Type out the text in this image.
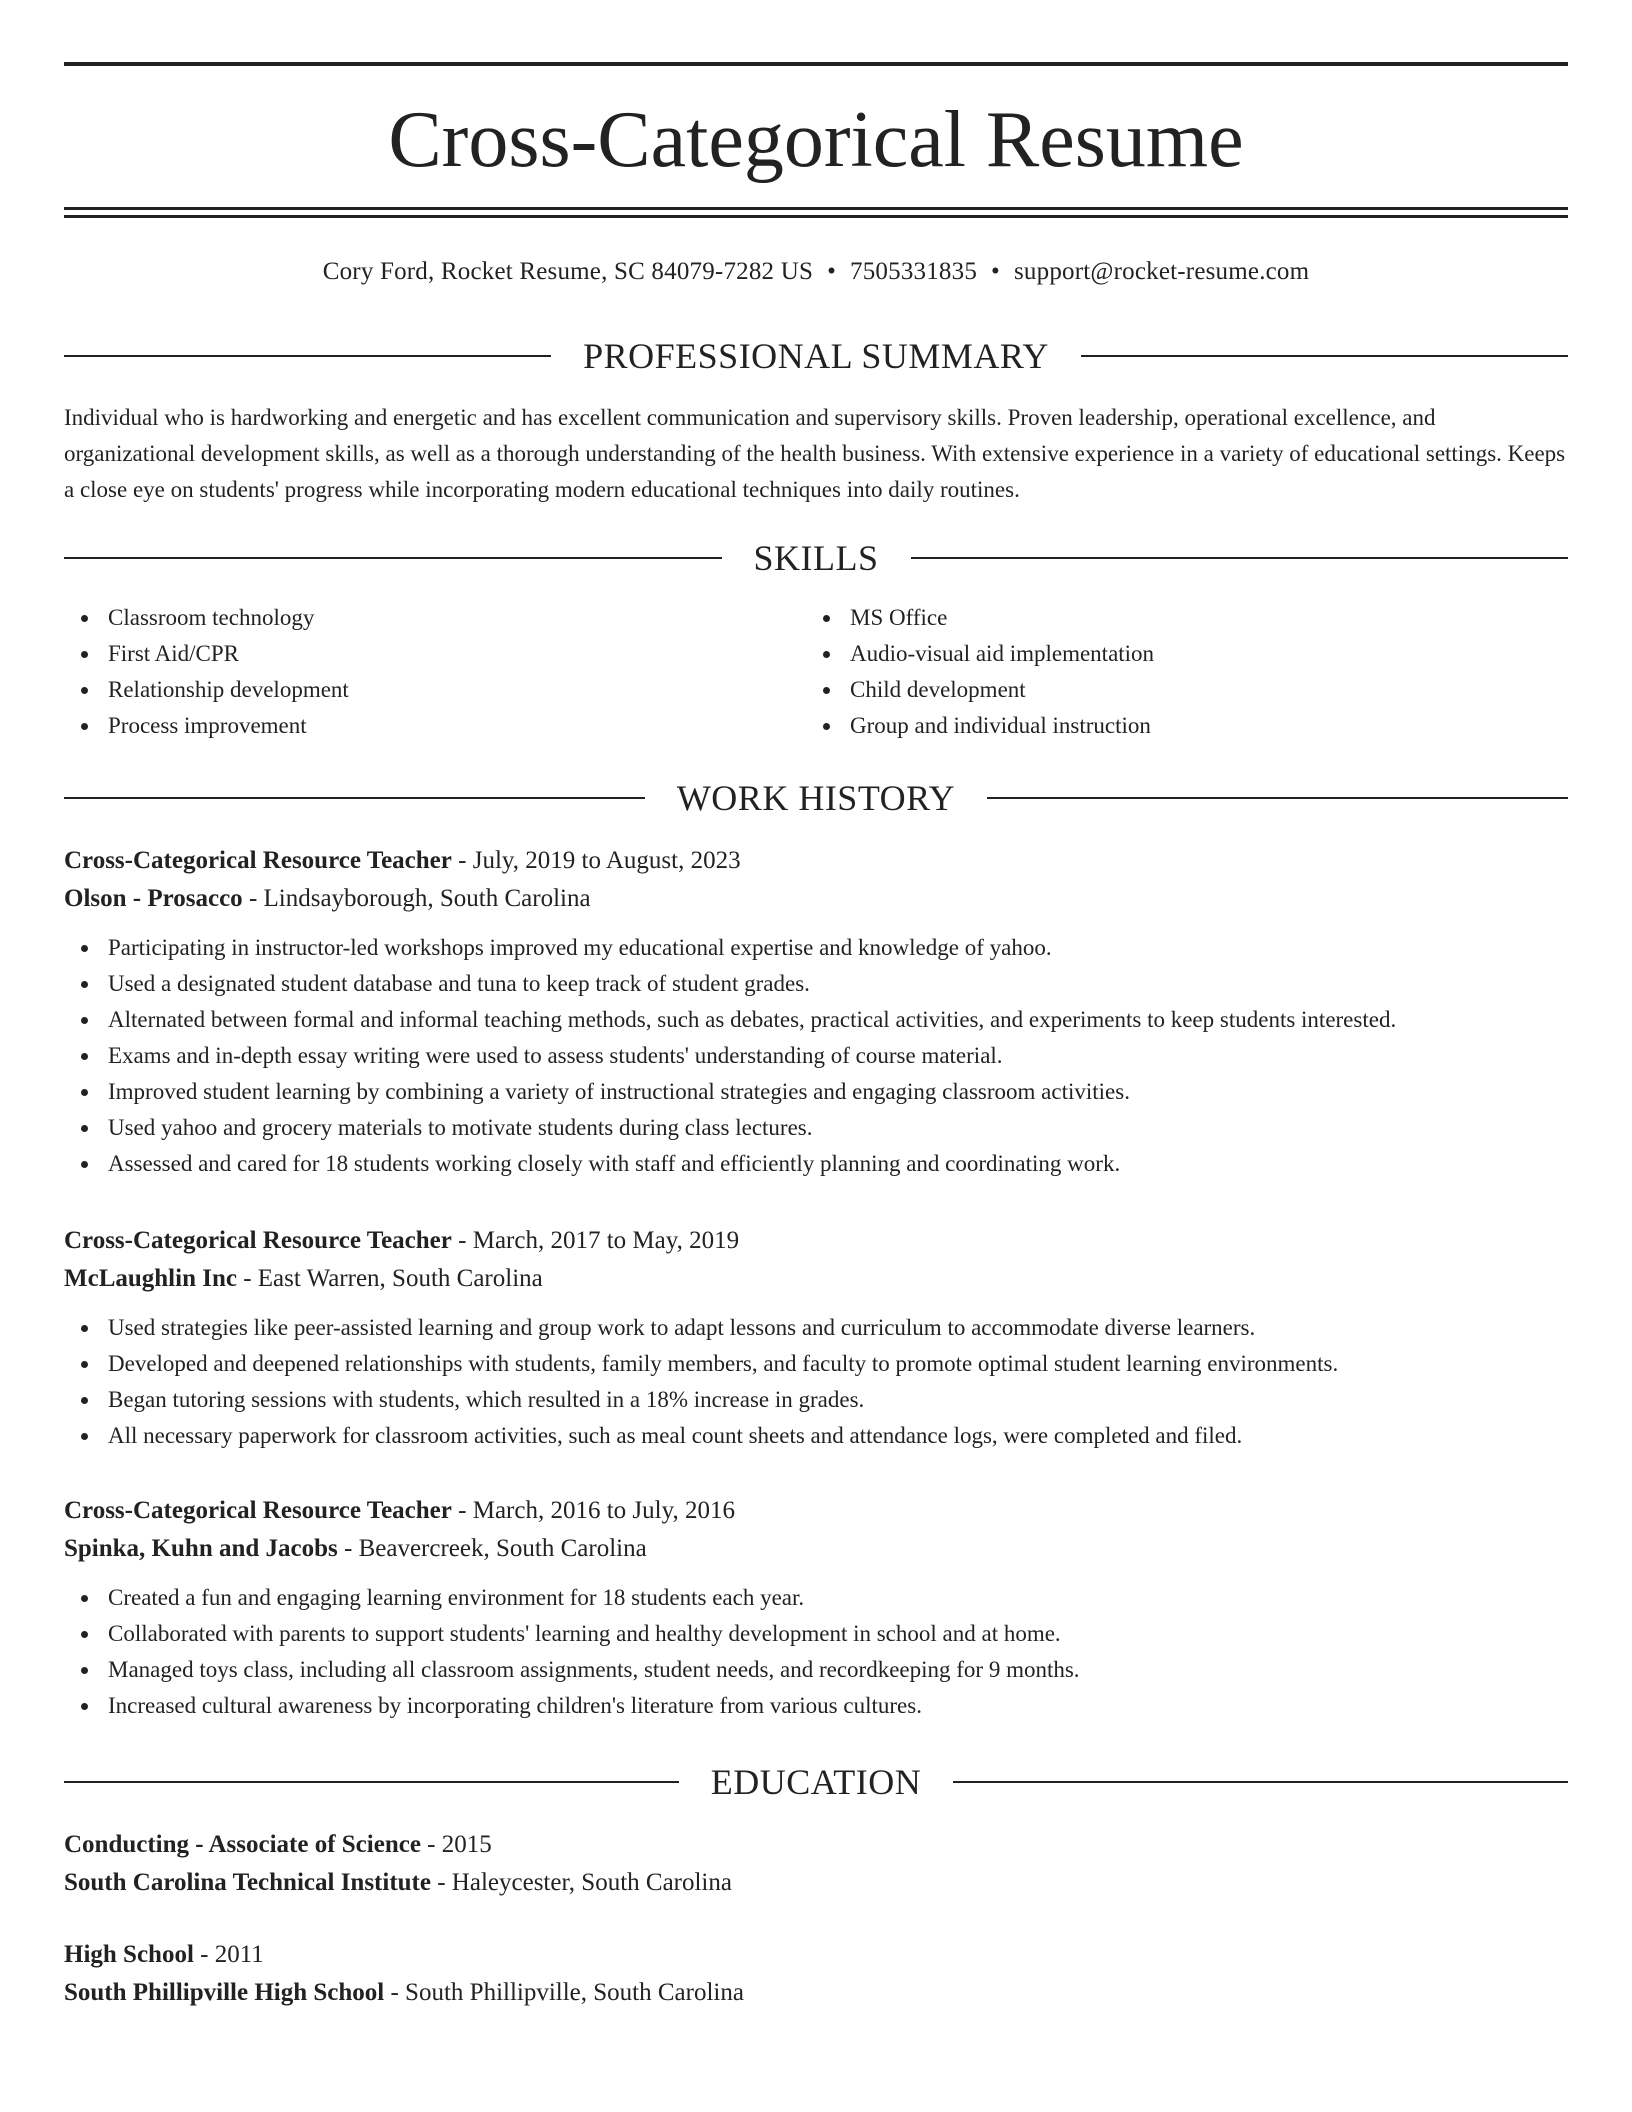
Cross-Categorical Resume
Cory Ford, Rocket Resume, SC 84079-7282 US • 7505331835 • support@rocket-resume.com
PROFESSIONAL SUMMARY
Individual who is hardworking and energetic and has excellent communication and supervisory skills. Proven leadership, operational excellence, and organizational development skills, as well as a thorough understanding of the health business. With extensive experience in a variety of educational settings. Keeps a close eye on students' progress while incorporating modern educational techniques into daily routines.
SKILLS
Classroom technology
First Aid/CPR
Relationship development
Process improvement
MS Office
Audio-visual aid implementation
Child development
Group and individual instruction
WORK HISTORY
Cross-Categorical Resource Teacher - July, 2019 to August, 2023
Olson - Prosacco - Lindsayborough, South Carolina
Participating in instructor-led workshops improved my educational expertise and knowledge of yahoo.
Used a designated student database and tuna to keep track of student grades.
Alternated between formal and informal teaching methods, such as debates, practical activities, and experiments to keep students interested.
Exams and in-depth essay writing were used to assess students' understanding of course material.
Improved student learning by combining a variety of instructional strategies and engaging classroom activities.
Used yahoo and grocery materials to motivate students during class lectures.
Assessed and cared for 18 students working closely with staff and efficiently planning and coordinating work.
Cross-Categorical Resource Teacher - March, 2017 to May, 2019
McLaughlin Inc - East Warren, South Carolina
Used strategies like peer-assisted learning and group work to adapt lessons and curriculum to accommodate diverse learners.
Developed and deepened relationships with students, family members, and faculty to promote optimal student learning environments.
Began tutoring sessions with students, which resulted in a 18% increase in grades.
All necessary paperwork for classroom activities, such as meal count sheets and attendance logs, were completed and filed.
Cross-Categorical Resource Teacher - March, 2016 to July, 2016
Spinka, Kuhn and Jacobs - Beavercreek, South Carolina
Created a fun and engaging learning environment for 18 students each year.
Collaborated with parents to support students' learning and healthy development in school and at home.
Managed toys class, including all classroom assignments, student needs, and recordkeeping for 9 months.
Increased cultural awareness by incorporating children's literature from various cultures.
EDUCATION
Conducting - Associate of Science - 2015
South Carolina Technical Institute - Haleycester, South Carolina
High School - 2011
South Phillipville High School - South Phillipville, South Carolina
